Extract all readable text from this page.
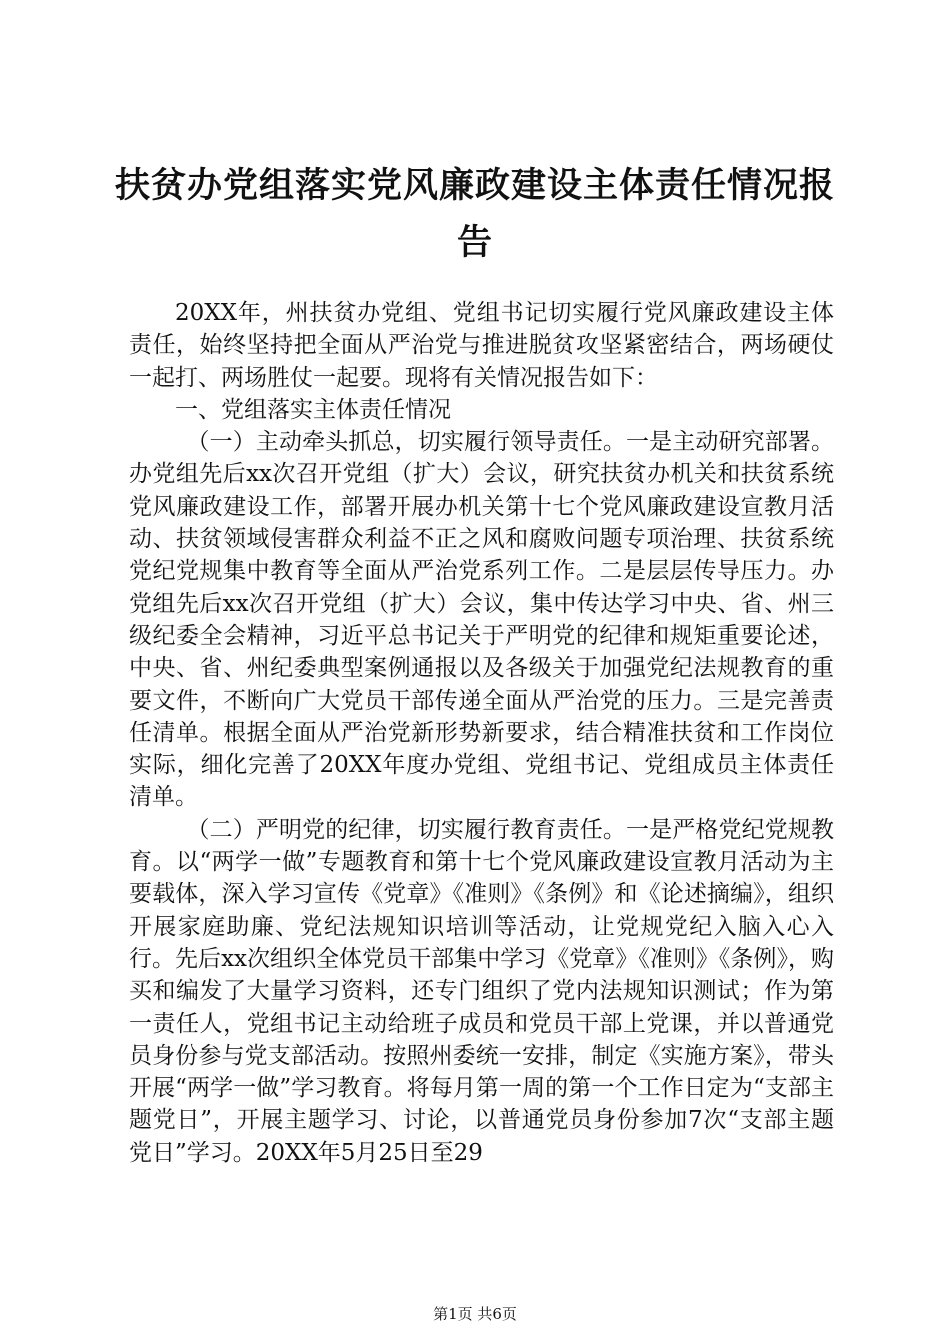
扶贫办党组落实党风廉政建设主体责任情况报告

20XX年，州扶贫办党组、党组书记切实履行党风廉政建设主体责任，始终坚持把全面从严治党与推进脱贫攻坚紧密结合，两场硬仗一起打、两场胜仗一起要。现将有关情况报告如下：

一、党组落实主体责任情况

（一）主动牵头抓总，切实履行领导责任。一是主动研究部署。办党组先后xx次召开党组（扩大）会议，研究扶贫办机关和扶贫系统党风廉政建设工作，部署开展办机关第十七个党风廉政建设宣教月活动、扶贫领域侵害群众利益不正之风和腐败问题专项治理、扶贫系统党纪党规集中教育等全面从严治党系列工作。二是层层传导压力。办党组先后xx次召开党组（扩大）会议，集中传达学习中央、省、州三级纪委全会精神，习近平总书记关于严明党的纪律和规矩重要论述，中央、省、州纪委典型案例通报以及各级关于加强党纪法规教育的重要文件，不断向广大党员干部传递全面从严治党的压力。三是完善责任清单。根据全面从严治党新形势新要求，结合精准扶贫和工作岗位实际，细化完善了20XX年度办党组、党组书记、党组成员主体责任清单。

（二）严明党的纪律，切实履行教育责任。一是严格党纪党规教育。以“两学一做”专题教育和第十七个党风廉政建设宣教月活动为主要载体，深入学习宣传《党章》《准则》《条例》和《论述摘编》，组织开展家庭助廉、党纪法规知识培训等活动，让党规党纪入脑入心入行。先后xx次组织全体党员干部集中学习《党章》《准则》《条例》，购买和编发了大量学习资料，还专门组织了党内法规知识测试；作为第一责任人，党组书记主动给班子成员和党员干部上党课，并以普通党员身份参与党支部活动。按照州委统一安排，制定《实施方案》，带头开展“两学一做”学习教育。将每月第一周的第一个工作日定为“支部主题党日”，开展主题学习、讨论，以普通党员身份参加7次“支部主题党日”学习。20XX年5月25日至29

第1页 共6页
